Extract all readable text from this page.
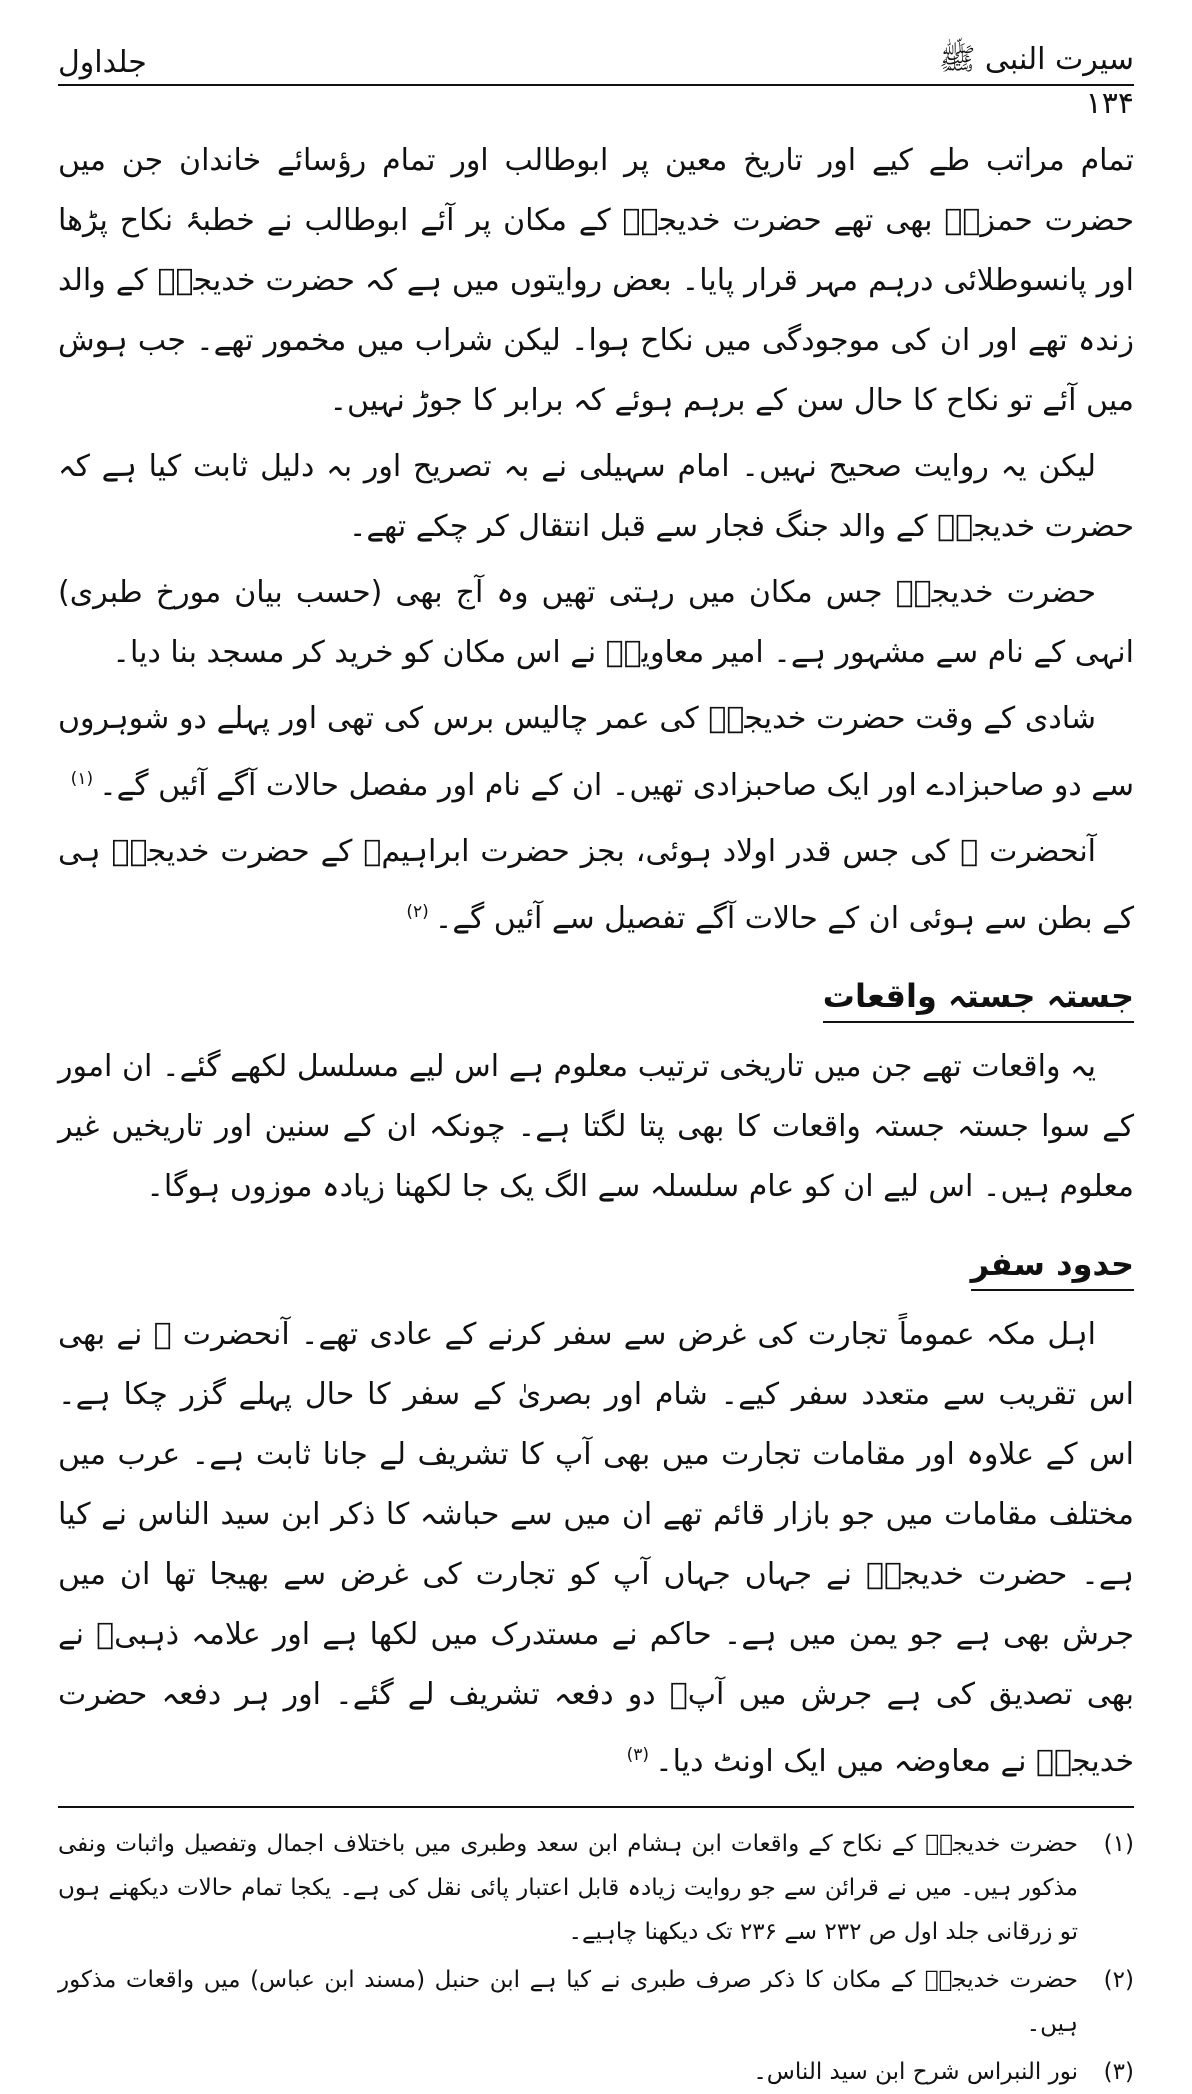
سیرت النبی ﷺ
جلداول
۱۳۴

تمام مراتب طے کیے اور تاریخ معین پر ابوطالب اور تمام رؤسائے خاندان جن میں حضرت حمزہؓ بھی تھے حضرت خدیجہؓ کے مکان پر آئے ابوطالب نے خطبۂ نکاح پڑھا اور پانسوطلائی درہم مہر قرار پایا۔ بعض روایتوں میں ہے کہ حضرت خدیجہؓ کے والد زندہ تھے اور ان کی موجودگی میں نکاح ہوا۔ لیکن شراب میں مخمور تھے۔ جب ہوش میں آئے تو نکاح کا حال سن کے برہم ہوئے کہ برابر کا جوڑ نہیں۔

لیکن یہ روایت صحیح نہیں۔ امام سہیلی نے بہ تصریح اور بہ دلیل ثابت کیا ہے کہ حضرت خدیجہؓ کے والد جنگ فجار سے قبل انتقال کر چکے تھے۔

حضرت خدیجہؓ جس مکان میں رہتی تھیں وہ آج بھی (حسب بیان مورخ طبری) انہی کے نام سے مشہور ہے۔ امیر معاویہؓ نے اس مکان کو خرید کر مسجد بنا دیا۔

شادی کے وقت حضرت خدیجہؓ کی عمر چالیس برس کی تھی اور پہلے دو شوہروں سے دو صاحبزادے اور ایک صاحبزادی تھیں۔ ان کے نام اور مفصل حالات آگے آئیں گے۔$^{(۱)}$

آنحضرت ﷺ کی جس قدر اولاد ہوئی، بجز حضرت ابراہیمؓ کے حضرت خدیجہؓ ہی کے بطن سے ہوئی ان کے حالات آگے تفصیل سے آئیں گے۔$^{(۲)}$

جستہ جستہ واقعات

یہ واقعات تھے جن میں تاریخی ترتیب معلوم ہے اس لیے مسلسل لکھے گئے۔ ان امور کے سوا جستہ جستہ واقعات کا بھی پتا لگتا ہے۔ چونکہ ان کے سنین اور تاریخیں غیر معلوم ہیں۔ اس لیے ان کو عام سلسلہ سے الگ یک جا لکھنا زیادہ موزوں ہوگا۔

حدود سفر

اہل مکہ عموماً تجارت کی غرض سے سفر کرنے کے عادی تھے۔ آنحضرت ﷺ نے بھی اس تقریب سے متعدد سفر کیے۔ شام اور بصریٰ کے سفر کا حال پہلے گزر چکا ہے۔ اس کے علاوہ اور مقامات تجارت میں بھی آپ کا تشریف لے جانا ثابت ہے۔ عرب میں مختلف مقامات میں جو بازار قائم تھے ان میں سے حباشہ کا ذکر ابن سید الناس نے کیا ہے۔ حضرت خدیجہؓ نے جہاں جہاں آپ کو تجارت کی غرض سے بھیجا تھا ان میں جرش بھی ہے جو یمن میں ہے۔ حاکم نے مستدرک میں لکھا ہے اور علامہ ذہبیؒ نے بھی تصدیق کی ہے جرش میں آپؐ دو دفعہ تشریف لے گئے۔ اور ہر دفعہ حضرت خدیجہؓ نے معاوضہ میں ایک اونٹ دیا۔$^{(۳)}$

(۱)
حضرت خدیجہؓ کے نکاح کے واقعات ابن ہشام ابن سعد وطبری میں باختلاف اجمال وتفصیل واثبات ونفی مذکور ہیں۔ میں نے قرائن سے جو روایت زیادہ قابل اعتبار پائی نقل کی ہے۔ یکجا تمام حالات دیکھنے ہوں تو زرقانی جلد اول ص ۲۳۲ سے ۲۳۶ تک دیکھنا چاہیے۔
(۲)
حضرت خدیجہؓ کے مکان کا ذکر صرف طبری نے کیا ہے ابن حنبل (مسند ابن عباس) میں واقعات مذکور ہیں۔
(۳)
نور النبراس شرح ابن سید الناس۔
